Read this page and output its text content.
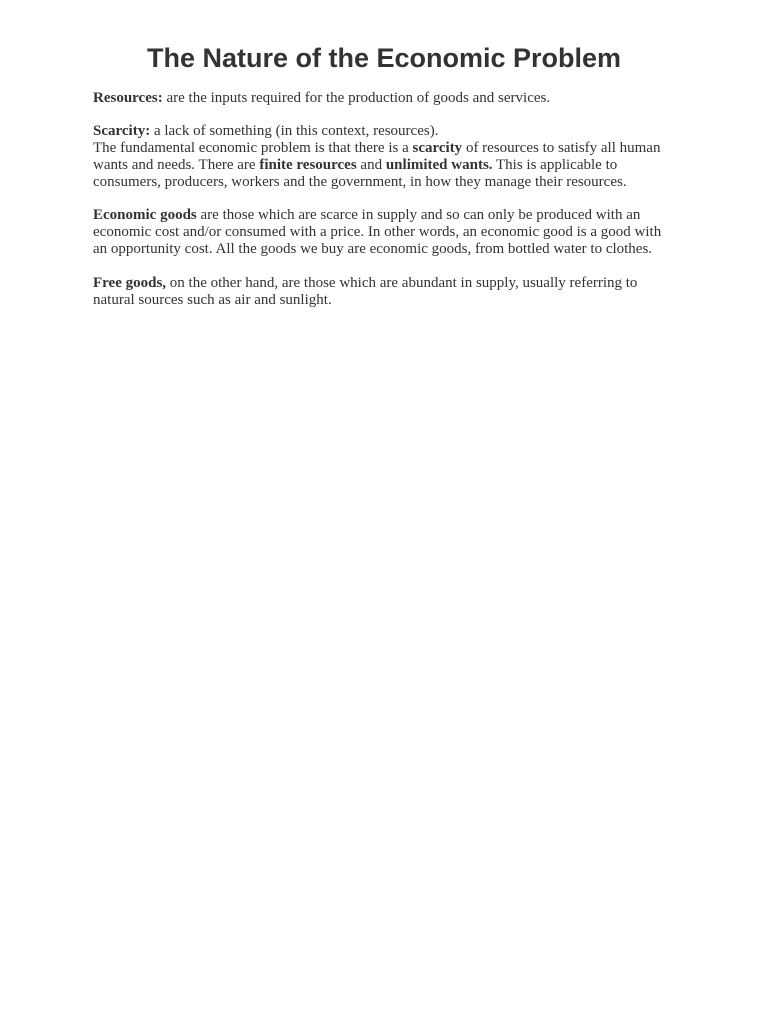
The Nature of the Economic Problem

Resources: are the inputs required for the production of goods and services.

Scarcity: a lack of something (in this context, resources).
The fundamental economic problem is that there is a scarcity of resources to satisfy all human wants and needs. There are finite resources and unlimited wants. This is applicable to consumers, producers, workers and the government, in how they manage their resources.

Economic goods are those which are scarce in supply and so can only be produced with an economic cost and/or consumed with a price. In other words, an economic good is a good with an opportunity cost. All the goods we buy are economic goods, from bottled water to clothes.

Free goods, on the other hand, are those which are abundant in supply, usually referring to natural sources such as air and sunlight.
